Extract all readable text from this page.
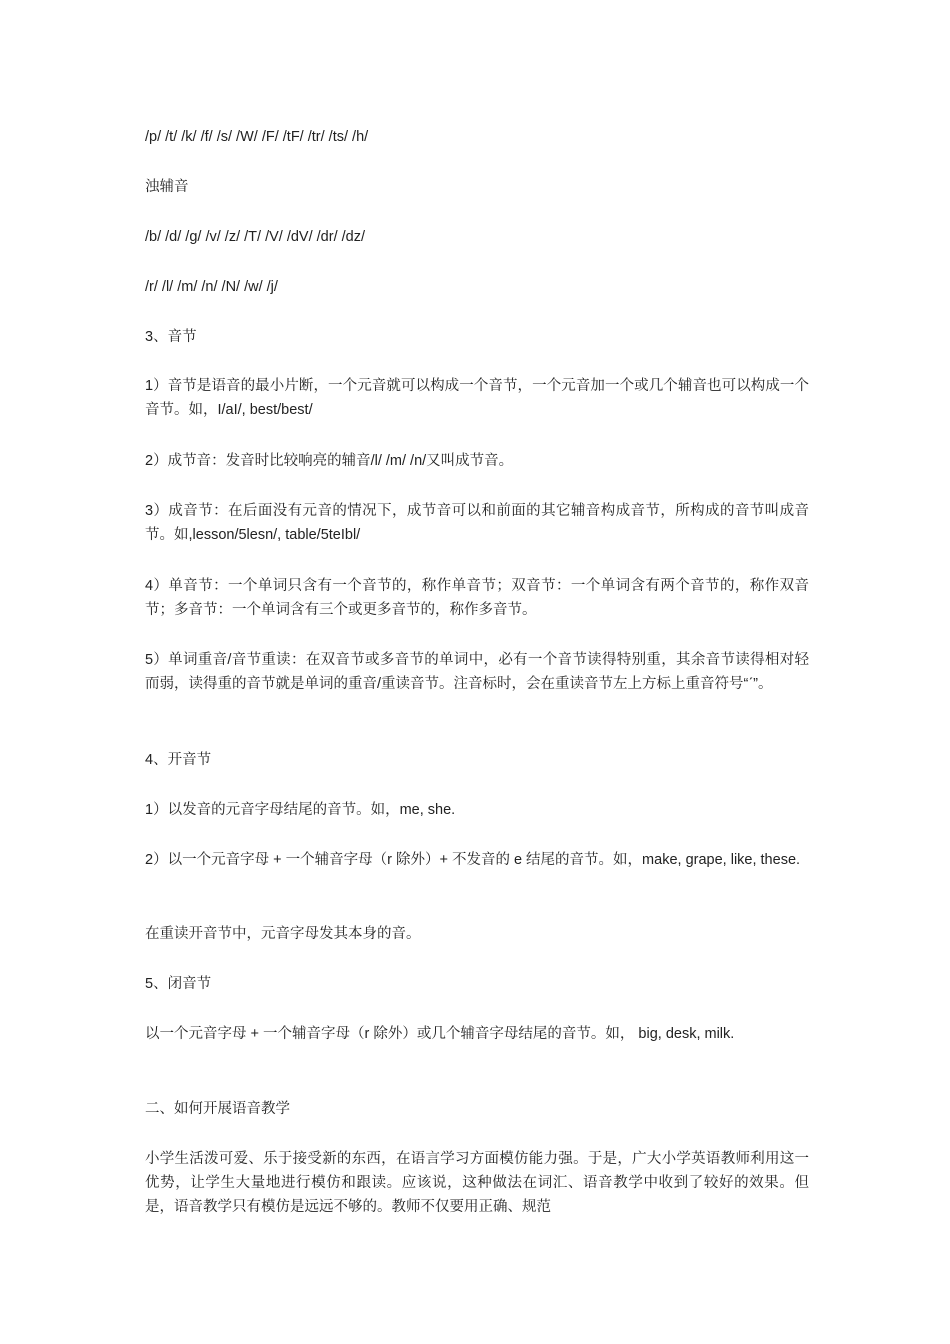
/p/ /t/ /k/ /f/ /s/ /W/ /F/ /tF/ /tr/ /ts/ /h/

浊辅音

/b/ /d/ /g/ /v/ /z/ /T/ /V/ /dV/ /dr/ /dz/

/r/ /l/ /m/ /n/ /N/ /w/ /j/

3、音节

1）音节是语音的最小片断，一个元音就可以构成一个音节，一个元音加一个或几个辅音也可以构成一个音节。如，I/aI/, best/best/

2）成节音：发音时比较响亮的辅音/l/ /m/ /n/又叫成节音。

3）成音节：在后面没有元音的情况下，成节音可以和前面的其它辅音构成音节，所构成的音节叫成音节。如,lesson/5lesn/, table/5teIbl/

4）单音节：一个单词只含有一个音节的，称作单音节；双音节：一个单词含有两个音节的，称作双音节；多音节：一个单词含有三个或更多音节的，称作多音节。

5）单词重音/音节重读：在双音节或多音节的单词中，必有一个音节读得特别重，其余音节读得相对轻而弱，读得重的音节就是单词的重音/重读音节。注音标时，会在重读音节左上方标上重音符号“ˊ”。

4、开音节

1）以发音的元音字母结尾的音节。如，me, she.

2）以一个元音字母 + 一个辅音字母（r 除外）+ 不发音的 e 结尾的音节。如，make, grape, like, these.

在重读开音节中，元音字母发其本身的音。

5、闭音节

以一个元音字母 + 一个辅音字母（r 除外）或几个辅音字母结尾的音节。如， big, desk, milk.

二、如何开展语音教学

小学生活泼可爱、乐于接受新的东西，在语言学习方面模仿能力强。于是，广大小学英语教师利用这一优势，让学生大量地进行模仿和跟读。应该说，这种做法在词汇、语音教学中收到了较好的效果。但是，语音教学只有模仿是远远不够的。教师不仅要用正确、规范
